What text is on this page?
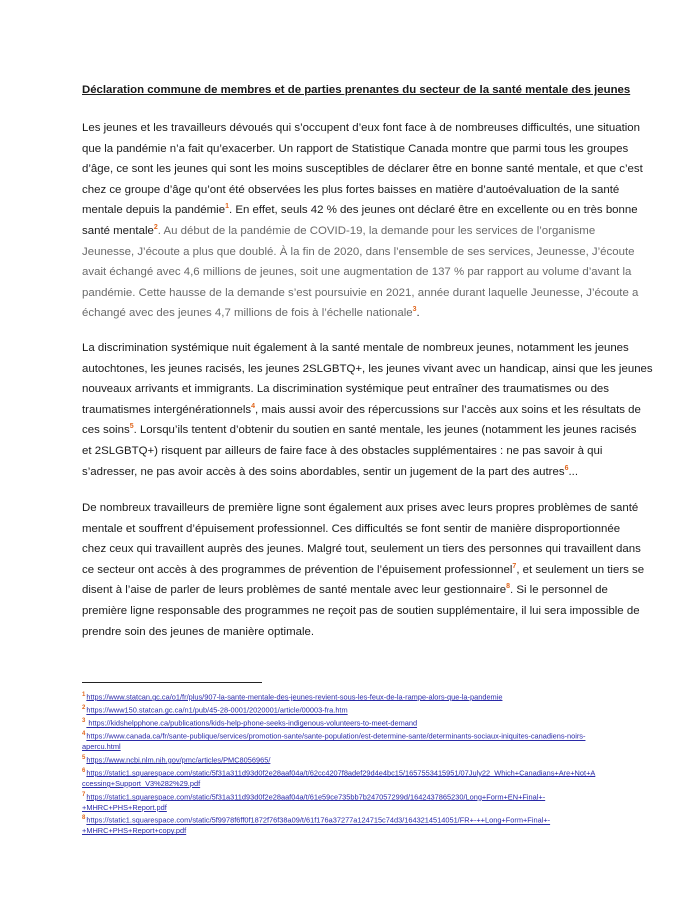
Déclaration commune de membres et de parties prenantes du secteur de la santé mentale des jeunes
Les jeunes et les travailleurs dévoués qui s’occupent d’eux font face à de nombreuses difficultés, une situation
que la pandémie n’a fait qu’exacerber. Un rapport de Statistique Canada montre que parmi tous les groupes
d’âge, ce sont les jeunes qui sont les moins susceptibles de déclarer être en bonne santé mentale, et que c’est
chez ce groupe d’âge qu’ont été observées les plus fortes baisses en matière d’autoévaluation de la santé
mentale depuis la pandémie$^1$. En effet, seuls 42 % des jeunes ont déclaré être en excellente ou en très bonne
santé mentale$^2$. Au début de la pandémie de COVID-19, la demande pour les services de l’organisme
Jeunesse, J’écoute a plus que doublé. À la fin de 2020, dans l’ensemble de ses services, Jeunesse, J’écoute
avait échangé avec 4,6 millions de jeunes, soit une augmentation de 137 % par rapport au volume d’avant la
pandémie. Cette hausse de la demande s’est poursuivie en 2021, année durant laquelle Jeunesse, J’écoute a
échangé avec des jeunes 4,7 millions de fois à l’échelle nationale$^3$.
La discrimination systémique nuit également à la santé mentale de nombreux jeunes, notamment les jeunes
autochtones, les jeunes racisés, les jeunes 2SLGBTQ+, les jeunes vivant avec un handicap, ainsi que les jeunes
nouveaux arrivants et immigrants. La discrimination systémique peut entraîner des traumatismes ou des
traumatismes intergénérationnels$^4$, mais aussi avoir des répercussions sur l’accès aux soins et les résultats de
ces soins$^5$. Lorsqu’ils tentent d’obtenir du soutien en santé mentale, les jeunes (notamment les jeunes racisés
et 2SLGBTQ+) risquent par ailleurs de faire face à des obstacles supplémentaires : ne pas savoir à qui
s’adresser, ne pas avoir accès à des soins abordables, sentir un jugement de la part des autres$^6$...
De nombreux travailleurs de première ligne sont également aux prises avec leurs propres problèmes de santé
mentale et souffrent d’épuisement professionnel. Ces difficultés se font sentir de manière disproportionnée
chez ceux qui travaillent auprès des jeunes. Malgré tout, seulement un tiers des personnes qui travaillent dans
ce secteur ont accès à des programmes de prévention de l’épuisement professionnel$^7$, et seulement un tiers se
disent à l’aise de parler de leurs problèmes de santé mentale avec leur gestionnaire$^8$. Si le personnel de
première ligne responsable des programmes ne reçoit pas de soutien supplémentaire, il lui sera impossible de
prendre soin des jeunes de manière optimale.
$^1$https://www.statcan.gc.ca/o1/fr/plus/907-la-sante-mentale-des-jeunes-revient-sous-les-feux-de-la-rampe-alors-que-la-pandemie
$^2$https://www150.statcan.gc.ca/n1/pub/45-28-0001/2020001/article/00003-fra.htm
$^3$ https://kidshelpphone.ca/publications/kids-help-phone-seeks-indigenous-volunteers-to-meet-demand
$^4$https://www.canada.ca/fr/sante-publique/services/promotion-sante/sante-population/est-determine-sante/determinants-sociaux-iniquites-canadiens-noirs-
apercu.html
$^5$https://www.ncbi.nlm.nih.gov/pmc/articles/PMC8056965/
$^6$https://static1.squarespace.com/static/5f31a311d93d0f2e28aaf04a/t/62cc4207f8adef29d4e4bc15/1657553415951/07July22_Which+Canadians+Are+Not+A
ccessing+Support_V3%282%29.pdf
$^7$https://static1.squarespace.com/static/5f31a311d93d0f2e28aaf04a/t/61e59ce735bb7b247057299d/1642437865230/Long+Form+EN+Final+-
+MHRC+PHS+Report.pdf
$^8$https://static1.squarespace.com/static/5f9978f6ff0f1872f76f38a09/t/61f176a37277a124715c74d3/1643214514051/FR+-++Long+Form+Final+-
+MHRC+PHS+Report+copy.pdf
